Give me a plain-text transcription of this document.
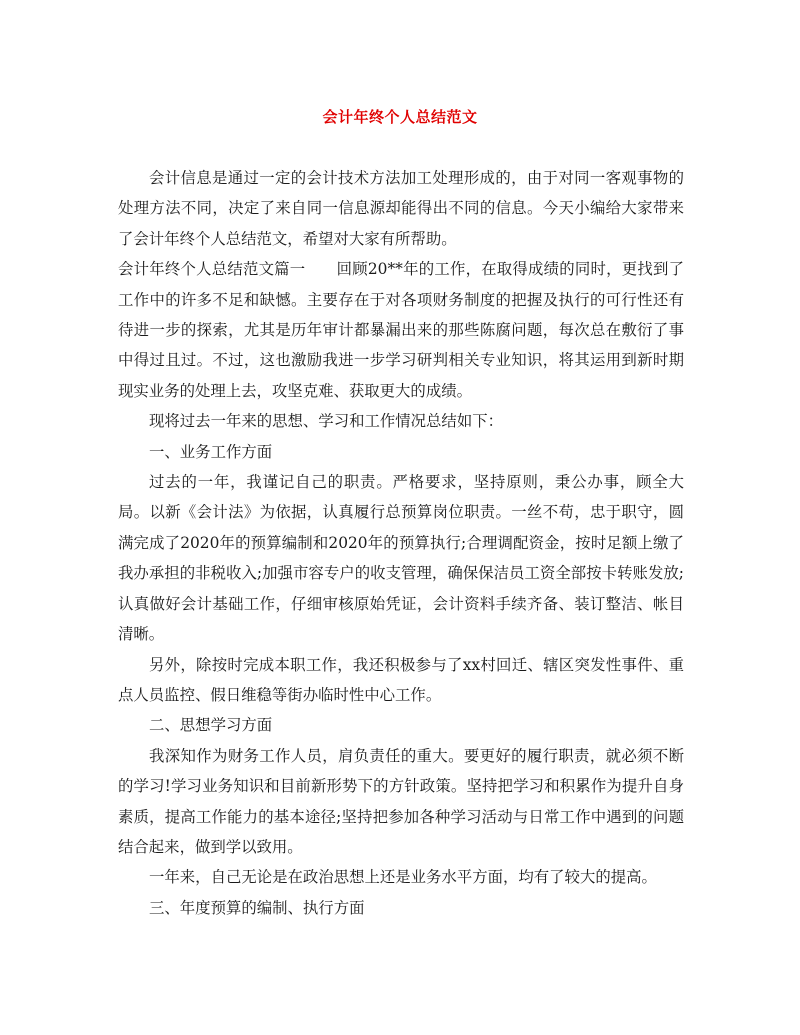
会计年终个人总结范文

会计信息是通过一定的会计技术方法加工处理形成的，由于对同一客观事物的处理方法不同，决定了来自同一信息源却能得出不同的信息。今天小编给大家带来了会计年终个人总结范文，希望对大家有所帮助。

会计年终个人总结范文篇一　　回顾20**年的工作，在取得成绩的同时，更找到了工作中的许多不足和缺憾。主要存在于对各项财务制度的把握及执行的可行性还有待进一步的探索，尤其是历年审计都暴漏出来的那些陈腐问题，每次总在敷衍了事中得过且过。不过，这也激励我进一步学习研判相关专业知识，将其运用到新时期现实业务的处理上去，攻坚克难、获取更大的成绩。

现将过去一年来的思想、学习和工作情况总结如下：

一、业务工作方面

过去的一年，我谨记自己的职责。严格要求，坚持原则，秉公办事，顾全大局。以新《会计法》为依据，认真履行总预算岗位职责。一丝不苟，忠于职守，圆满完成了2020年的预算编制和2020年的预算执行;合理调配资金，按时足额上缴了我办承担的非税收入;加强市容专户的收支管理，确保保洁员工资全部按卡转账发放;认真做好会计基础工作，仔细审核原始凭证，会计资料手续齐备、装订整洁、帐目清晰。

另外，除按时完成本职工作，我还积极参与了xx村回迁、辖区突发性事件、重点人员监控、假日维稳等街办临时性中心工作。

二、思想学习方面

我深知作为财务工作人员，肩负责任的重大。要更好的履行职责，就必须不断的学习!学习业务知识和目前新形势下的方针政策。坚持把学习和积累作为提升自身素质，提高工作能力的基本途径;坚持把参加各种学习活动与日常工作中遇到的问题结合起来，做到学以致用。

一年来，自己无论是在政治思想上还是业务水平方面，均有了较大的提高。

三、年度预算的编制、执行方面
